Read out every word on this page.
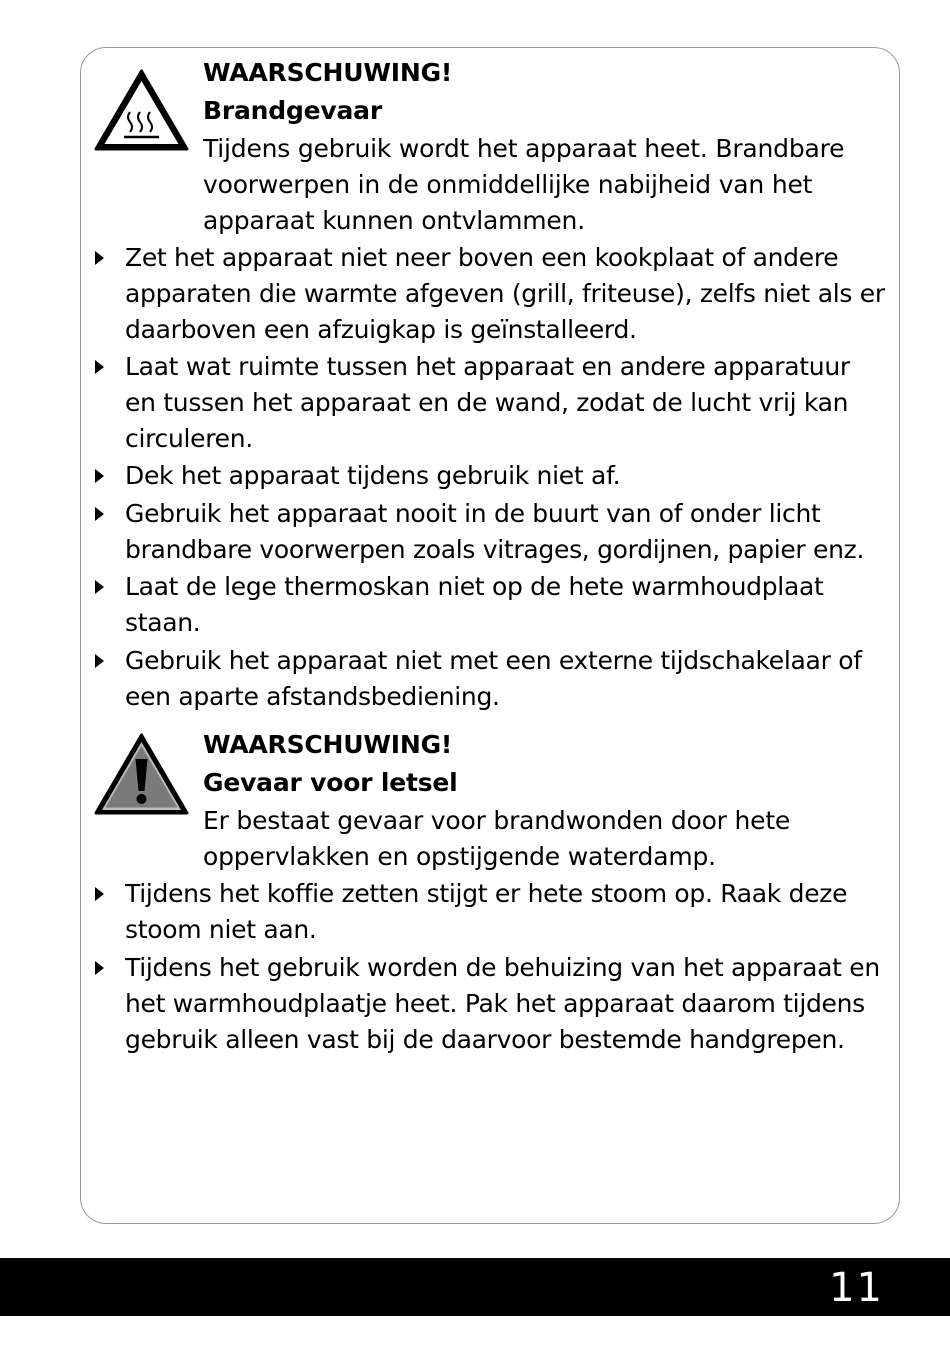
WAARSCHUWING!
Brandgevaar
Tijdens gebruik wordt het apparaat heet. Brandbare voorwerpen in de onmiddellijke nabijheid van het apparaat kunnen ontvlammen.
Zet het apparaat niet neer boven een kookplaat of andere apparaten die warmte afgeven (grill, friteuse), zelfs niet als er daarboven een afzuigkap is geïnstalleerd.
Laat wat ruimte tussen het apparaat en andere apparatuur en tussen het apparaat en de wand, zodat de lucht vrij kan circuleren.
Dek het apparaat tijdens gebruik niet af.
Gebruik het apparaat nooit in de buurt van of onder licht brandbare voorwerpen zoals vitrages, gordijnen, papier enz.
Laat de lege thermoskan niet op de hete warmhoudplaat staan.
Gebruik het apparaat niet met een externe tijdschakelaar of een aparte afstandsbediening.
WAARSCHUWING!
Gevaar voor letsel
Er bestaat gevaar voor brandwonden door hete oppervlakken en opstijgende waterdamp.
Tijdens het koffie zetten stijgt er hete stoom op. Raak deze stoom niet aan.
Tijdens het gebruik worden de behuizing van het apparaat en het warmhoudplaatje heet. Pak het apparaat daarom tijdens gebruik alleen vast bij de daarvoor bestemde handgrepen.
11
